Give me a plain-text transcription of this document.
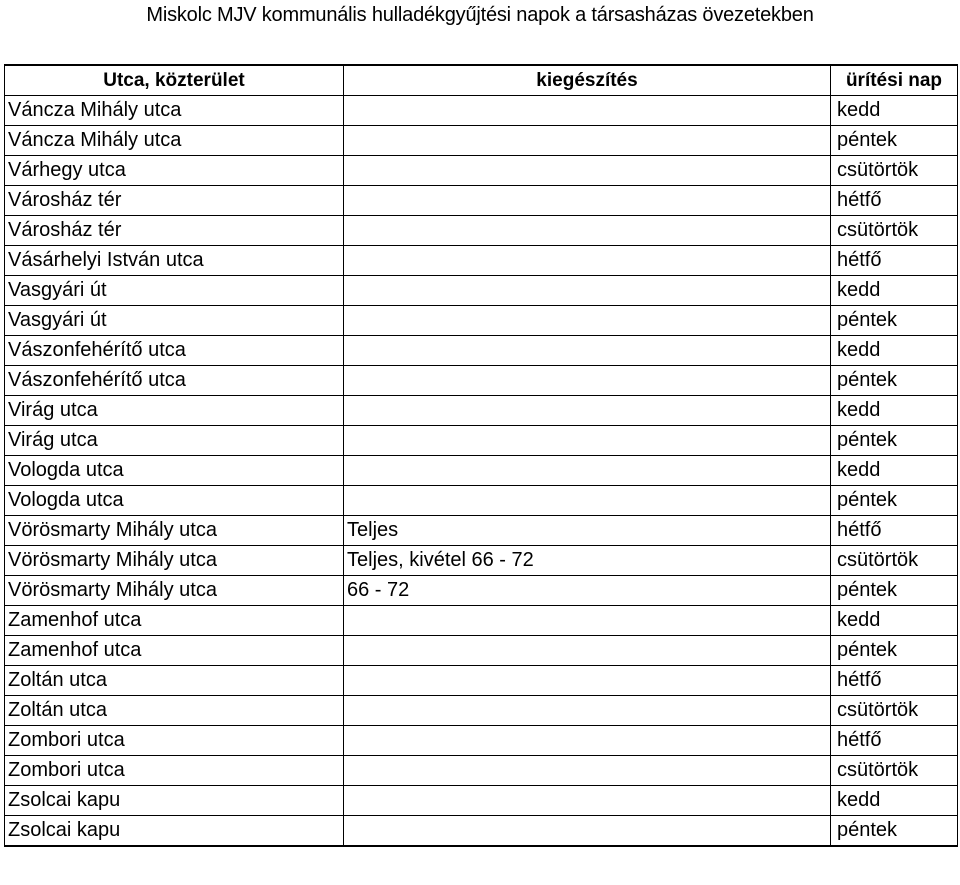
Miskolc MJV kommunális hulladékgyűjtési napok a társasházas övezetekben
Utca, közterület	kiegészítés	ürítési nap
Váncza Mihály utca		kedd
Váncza Mihály utca		péntek
Várhegy utca		csütörtök
Városház tér		hétfő
Városház tér		csütörtök
Vásárhelyi István utca		hétfő
Vasgyári út		kedd
Vasgyári út		péntek
Vászonfehérítő utca		kedd
Vászonfehérítő utca		péntek
Virág utca		kedd
Virág utca		péntek
Vologda utca		kedd
Vologda utca		péntek
Vörösmarty Mihály utca	Teljes	hétfő
Vörösmarty Mihály utca	Teljes, kivétel 66 - 72	csütörtök
Vörösmarty Mihály utca	66 - 72	péntek
Zamenhof utca		kedd
Zamenhof utca		péntek
Zoltán utca		hétfő
Zoltán utca		csütörtök
Zombori utca		hétfő
Zombori utca		csütörtök
Zsolcai kapu		kedd
Zsolcai kapu		péntek
